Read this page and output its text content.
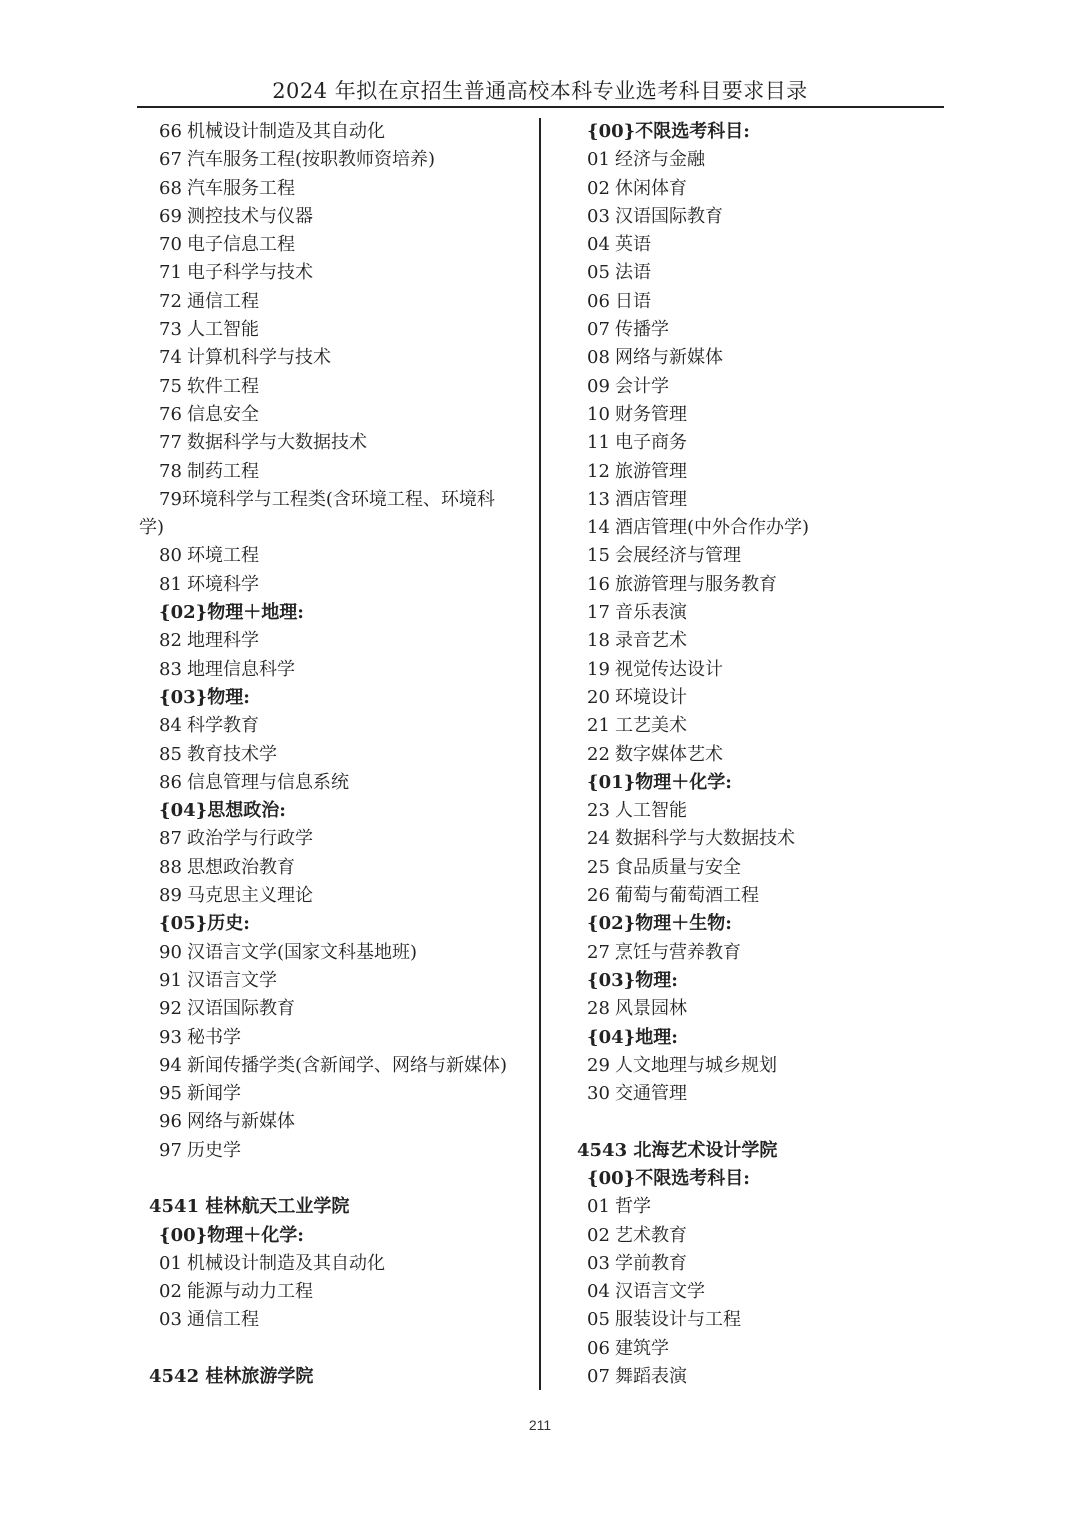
2024 年拟在京招生普通高校本科专业选考科目要求目录
66 机械设计制造及其自动化
67 汽车服务工程(按职教师资培养)
68 汽车服务工程
69 测控技术与仪器
70 电子信息工程
71 电子科学与技术
72 通信工程
73 人工智能
74 计算机科学与技术
75 软件工程
76 信息安全
77 数据科学与大数据技术
78 制药工程
79环境科学与工程类(含环境工程、环境科
学)
80 环境工程
81 环境科学
{02}物理＋地理:
82 地理科学
83 地理信息科学
{03}物理:
84 科学教育
85 教育技术学
86 信息管理与信息系统
{04}思想政治:
87 政治学与行政学
88 思想政治教育
89 马克思主义理论
{05}历史:
90 汉语言文学(国家文科基地班)
91 汉语言文学
92 汉语国际教育
93 秘书学
94 新闻传播学类(含新闻学、网络与新媒体)
95 新闻学
96 网络与新媒体
97 历史学
4541 桂林航天工业学院
{00}物理＋化学:
01 机械设计制造及其自动化
02 能源与动力工程
03 通信工程
4542 桂林旅游学院
{00}不限选考科目:
01 经济与金融
02 休闲体育
03 汉语国际教育
04 英语
05 法语
06 日语
07 传播学
08 网络与新媒体
09 会计学
10 财务管理
11 电子商务
12 旅游管理
13 酒店管理
14 酒店管理(中外合作办学)
15 会展经济与管理
16 旅游管理与服务教育
17 音乐表演
18 录音艺术
19 视觉传达设计
20 环境设计
21 工艺美术
22 数字媒体艺术
{01}物理＋化学:
23 人工智能
24 数据科学与大数据技术
25 食品质量与安全
26 葡萄与葡萄酒工程
{02}物理＋生物:
27 烹饪与营养教育
{03}物理:
28 风景园林
{04}地理:
29 人文地理与城乡规划
30 交通管理
4543 北海艺术设计学院
{00}不限选考科目:
01 哲学
02 艺术教育
03 学前教育
04 汉语言文学
05 服装设计与工程
06 建筑学
07 舞蹈表演
211
